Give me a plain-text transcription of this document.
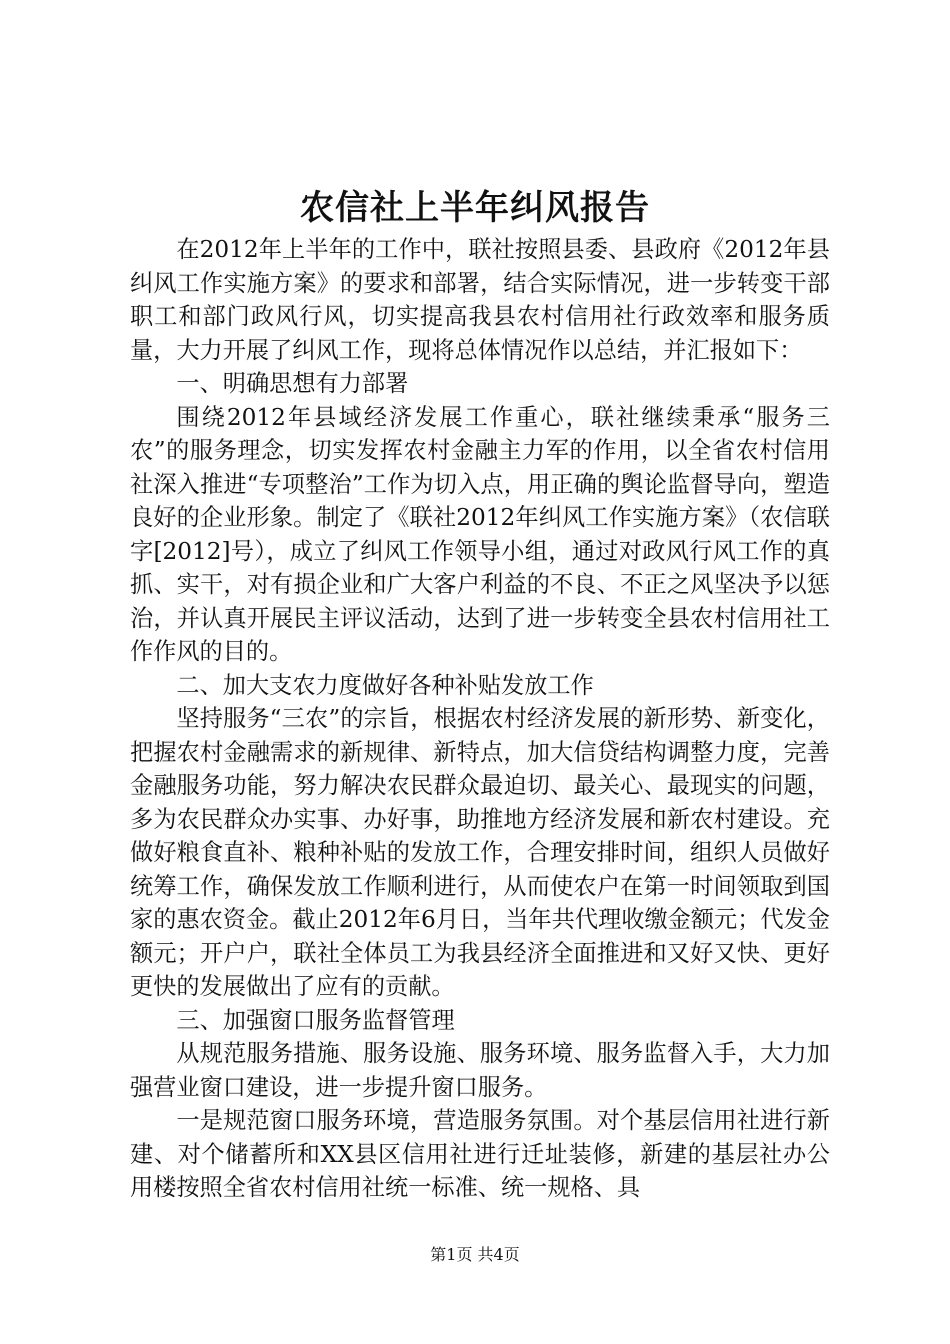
农信社上半年纠风报告

在2012年上半年的工作中，联社按照县委、县政府《2012年县纠风工作实施方案》的要求和部署，结合实际情况，进一步转变干部职工和部门政风行风，切实提高我县农村信用社行政效率和服务质量，大力开展了纠风工作，现将总体情况作以总结，并汇报如下：

一、明确思想有力部署

围绕2012年县域经济发展工作重心，联社继续秉承“服务三农”的服务理念，切实发挥农村金融主力军的作用，以全省农村信用社深入推进“专项整治”工作为切入点，用正确的舆论监督导向，塑造良好的企业形象。制定了《联社2012年纠风工作实施方案》（农信联字[2012]号），成立了纠风工作领导小组，通过对政风行风工作的真抓、实干，对有损企业和广大客户利益的不良、不正之风坚决予以惩治，并认真开展民主评议活动，达到了进一步转变全县农村信用社工作作风的目的。

二、加大支农力度做好各种补贴发放工作

坚持服务“三农”的宗旨，根据农村经济发展的新形势、新变化，把握农村金融需求的新规律、新特点，加大信贷结构调整力度，完善金融服务功能，努力解决农民群众最迫切、最关心、最现实的问题，多为农民群众办实事、办好事，助推地方经济发展和新农村建设。充做好粮食直补、粮种补贴的发放工作，合理安排时间，组织人员做好统筹工作，确保发放工作顺利进行，从而使农户在第一时间领取到国家的惠农资金。截止2012年6月日，当年共代理收缴金额元；代发金额元；开户户，联社全体员工为我县经济全面推进和又好又快、更好更快的发展做出了应有的贡献。

三、加强窗口服务监督管理

从规范服务措施、服务设施、服务环境、服务监督入手，大力加强营业窗口建设，进一步提升窗口服务。

一是规范窗口服务环境，营造服务氛围。对个基层信用社进行新建、对个储蓄所和XX县区信用社进行迁址装修，新建的基层社办公用楼按照全省农村信用社统一标准、统一规格、具

第1页 共4页
